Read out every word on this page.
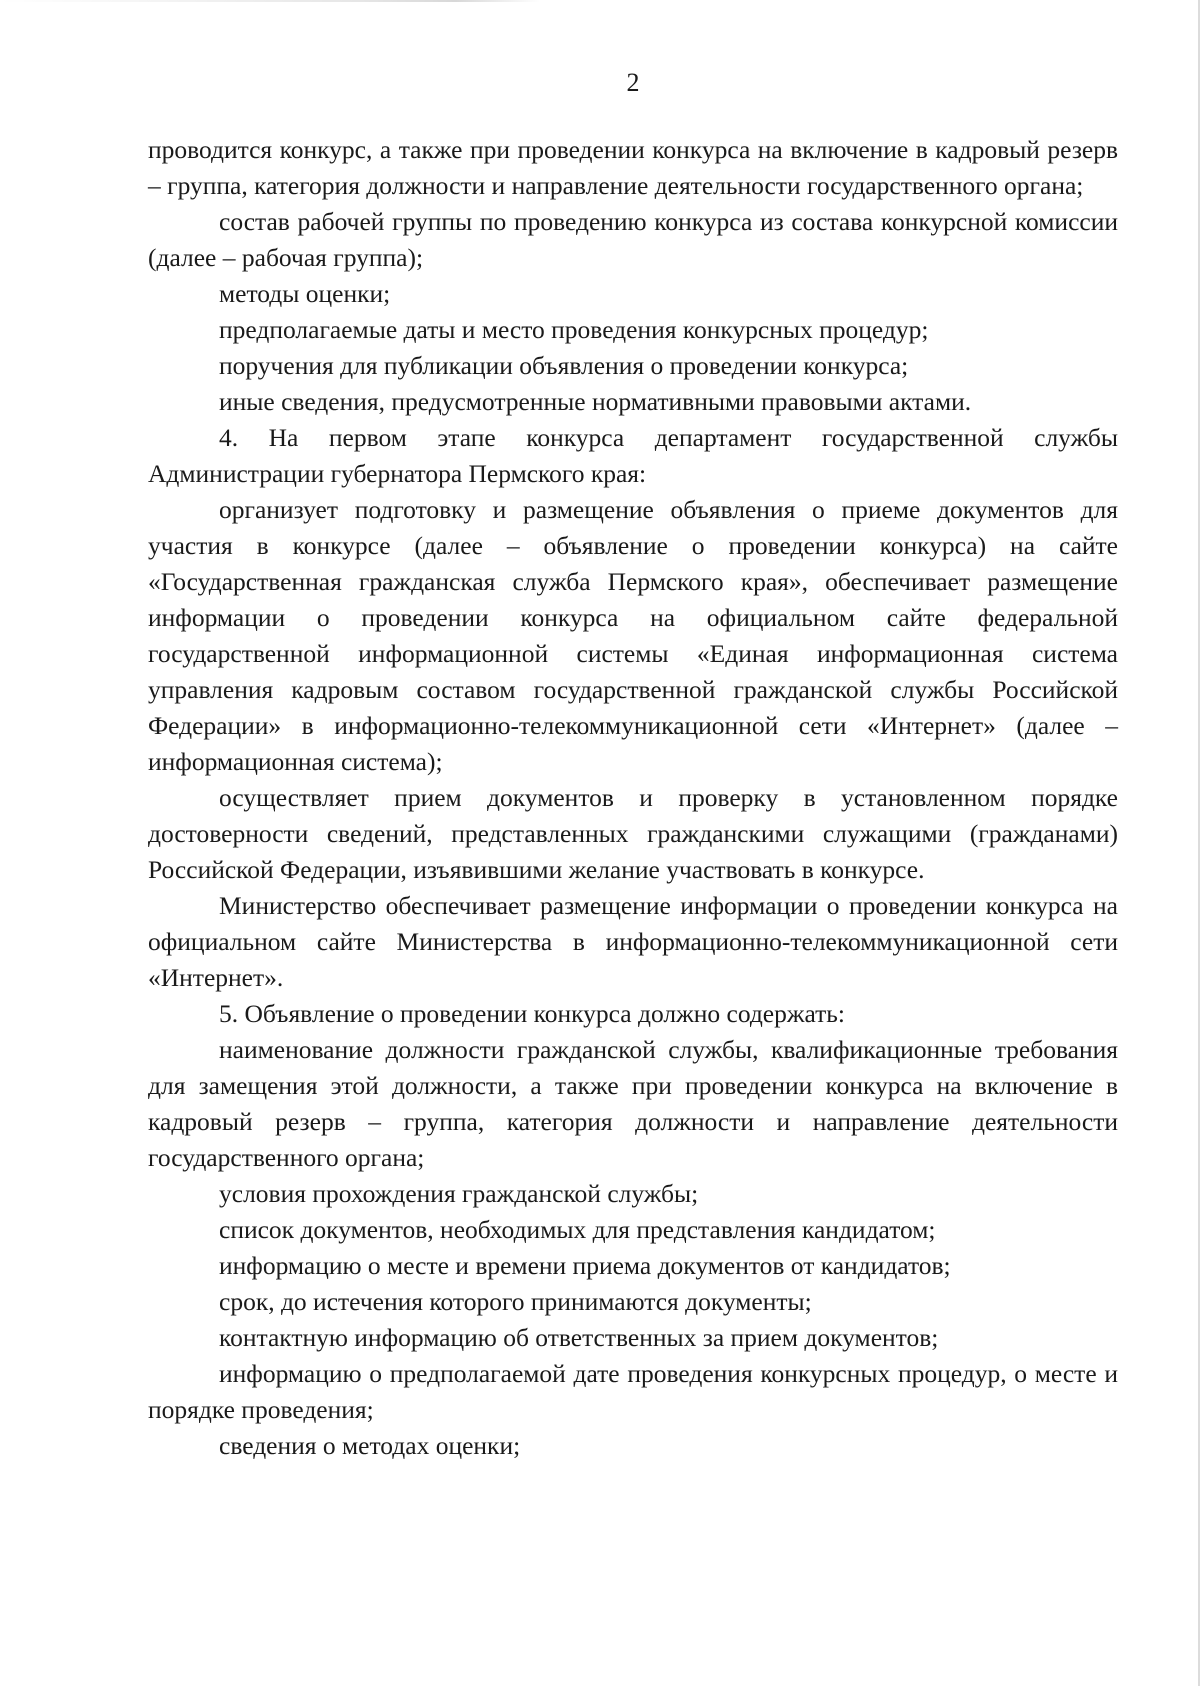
2

проводится конкурс, а также при проведении конкурса на включение в кадровый резерв – группа, категория должности и направление деятельности государственного органа;

состав рабочей группы по проведению конкурса из состава конкурсной комиссии (далее – рабочая группа);

методы оценки;

предполагаемые даты и место проведения конкурсных процедур;

поручения для публикации объявления о проведении конкурса;

иные сведения, предусмотренные нормативными правовыми актами.

4. На первом этапе конкурса департамент государственной службы Администрации губернатора Пермского края:

организует подготовку и размещение объявления о приеме документов для участия в конкурсе (далее – объявление о проведении конкурса) на сайте «Государственная гражданская служба Пермского края», обеспечивает размещение информации о проведении конкурса на официальном сайте федеральной государственной информационной системы «Единая информационная система управления кадровым составом государственной гражданской службы Российской Федерации» в информационно-телекоммуникационной сети «Интернет» (далее – информационная система);

осуществляет прием документов и проверку в установленном порядке достоверности сведений, представленных гражданскими служащими (гражданами) Российской Федерации, изъявившими желание участвовать в конкурсе.

Министерство обеспечивает размещение информации о проведении конкурса на официальном сайте Министерства в информационно-телекоммуникационной сети «Интернет».

5. Объявление о проведении конкурса должно содержать:

наименование должности гражданской службы, квалификационные требования для замещения этой должности, а также при проведении конкурса на включение в кадровый резерв – группа, категория должности и направление деятельности государственного органа;

условия прохождения гражданской службы;

список документов, необходимых для представления кандидатом;

информацию о месте и времени приема документов от кандидатов;

срок, до истечения которого принимаются документы;

контактную информацию об ответственных за прием документов;

информацию о предполагаемой дате проведения конкурсных процедур, о месте и порядке проведения;

сведения о методах оценки;
